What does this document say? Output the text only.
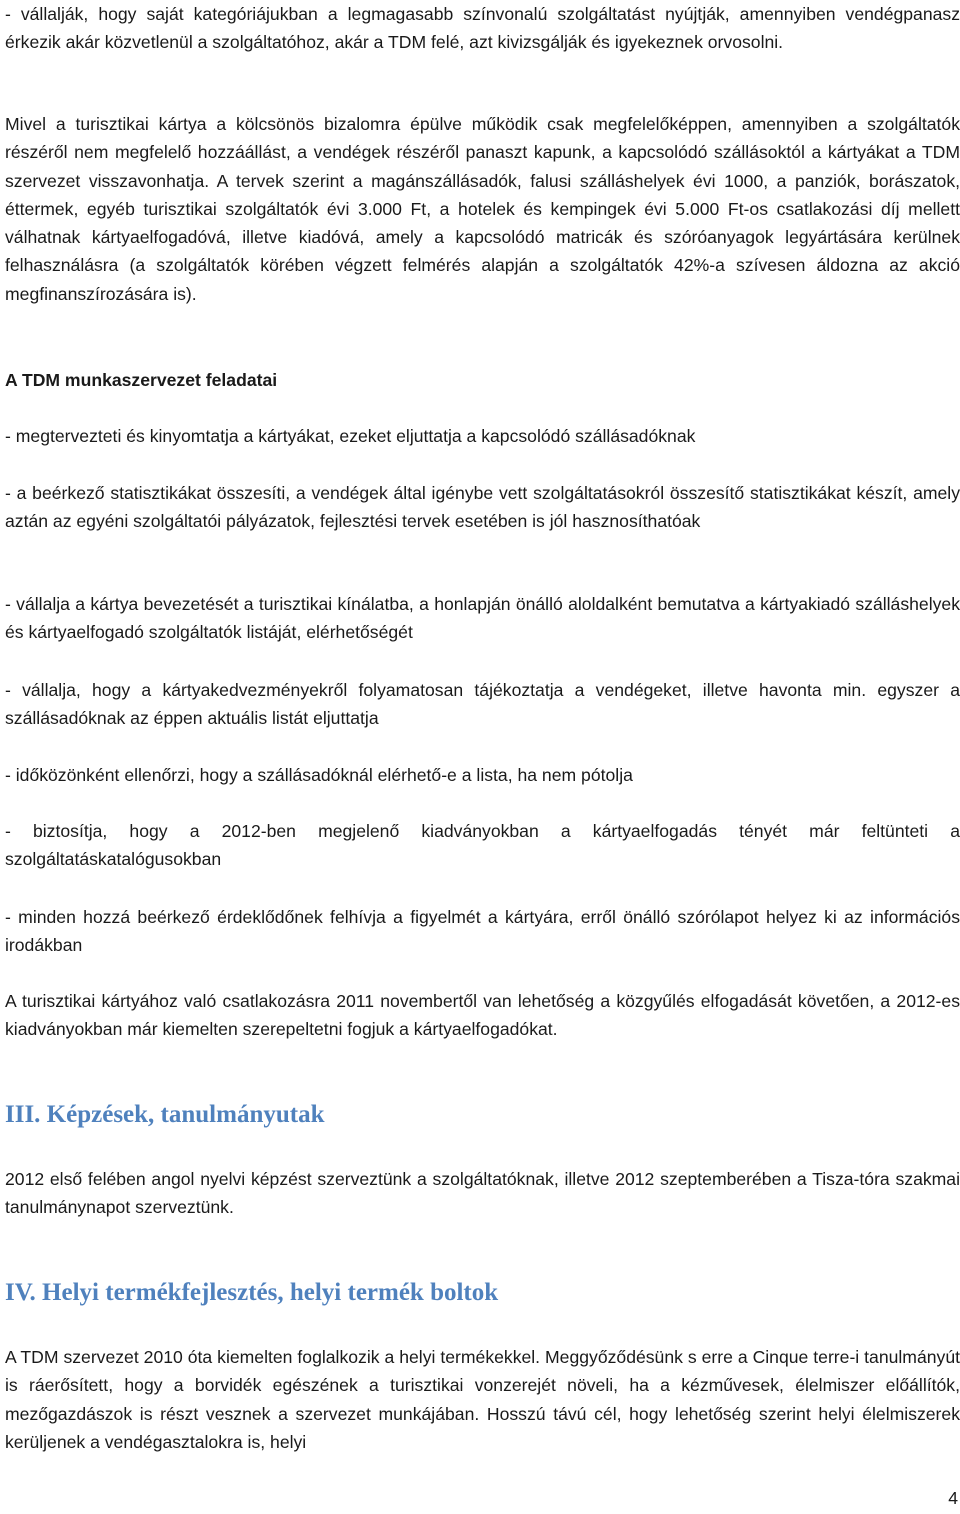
- vállalják, hogy saját kategóriájukban a legmagasabb színvonalú szolgáltatást nyújtják, amennyiben vendégpanasz érkezik akár közvetlenül a szolgáltatóhoz, akár a TDM felé, azt kivizsgálják és igyekeznek orvosolni.

Mivel a turisztikai kártya a kölcsönös bizalomra épülve működik csak megfelelőképpen, amennyiben a szolgáltatók részéről nem megfelelő hozzáállást, a vendégek részéről panaszt kapunk, a kapcsolódó szállásoktól a kártyákat a TDM szervezet visszavonhatja. A tervek szerint a magánszállásadók, falusi szálláshelyek évi 1000, a panziók, borászatok, éttermek, egyéb turisztikai szolgáltatók évi 3.000 Ft, a hotelek és kempingek évi 5.000 Ft-os csatlakozási díj mellett válhatnak kártyaelfogadóvá, illetve kiadóvá, amely a kapcsolódó matricák és szóróanyagok legyártására kerülnek felhasználásra (a szolgáltatók körében végzett felmérés alapján a szolgáltatók 42%-a szívesen áldozna az akció megfinanszírozására is).

A TDM munkaszervezet feladatai

- megtervezteti és kinyomtatja a kártyákat, ezeket eljuttatja a kapcsolódó szállásadóknak

- a beérkező statisztikákat összesíti, a vendégek által igénybe vett szolgáltatásokról összesítő statisztikákat készít, amely aztán az egyéni szolgáltatói pályázatok, fejlesztési tervek esetében is jól hasznosíthatóak

- vállalja a kártya bevezetését a turisztikai kínálatba, a honlapján önálló aloldalként bemutatva a kártyakiadó szálláshelyek és kártyaelfogadó szolgáltatók listáját, elérhetőségét

- vállalja, hogy a kártyakedvezményekről folyamatosan tájékoztatja a vendégeket, illetve havonta min. egyszer a szállásadóknak az éppen aktuális listát eljuttatja

- időközönként ellenőrzi, hogy a szállásadóknál elérhető-e a lista, ha nem pótolja

- biztosítja, hogy a 2012-ben megjelenő kiadványokban a kártyaelfogadás tényét már feltünteti a szolgáltatáskatalógusokban

- minden hozzá beérkező érdeklődőnek felhívja a figyelmét a kártyára, erről önálló szórólapot helyez ki az információs irodákban

A turisztikai kártyához való csatlakozásra 2011 novembertől van lehetőség a közgyűlés elfogadását követően, a 2012-es kiadványokban már kiemelten szerepeltetni fogjuk a kártyaelfogadókat.

III. Képzések, tanulmányutak

2012 első felében angol nyelvi képzést szerveztünk a szolgáltatóknak, illetve 2012 szeptemberében a Tisza-tóra szakmai tanulmánynapot szerveztünk.

IV. Helyi termékfejlesztés, helyi termék boltok

A TDM szervezet 2010 óta kiemelten foglalkozik a helyi termékekkel. Meggyőződésünk s erre a Cinque terre-i tanulmányút is ráerősített, hogy a borvidék egészének a turisztikai vonzerejét növeli, ha a kézművesek, élelmiszer előállítók, mezőgazdászok is részt vesznek a szervezet munkájában. Hosszú távú cél, hogy lehetőség szerint helyi élelmiszerek kerüljenek a vendégasztalokra is, helyi

4
